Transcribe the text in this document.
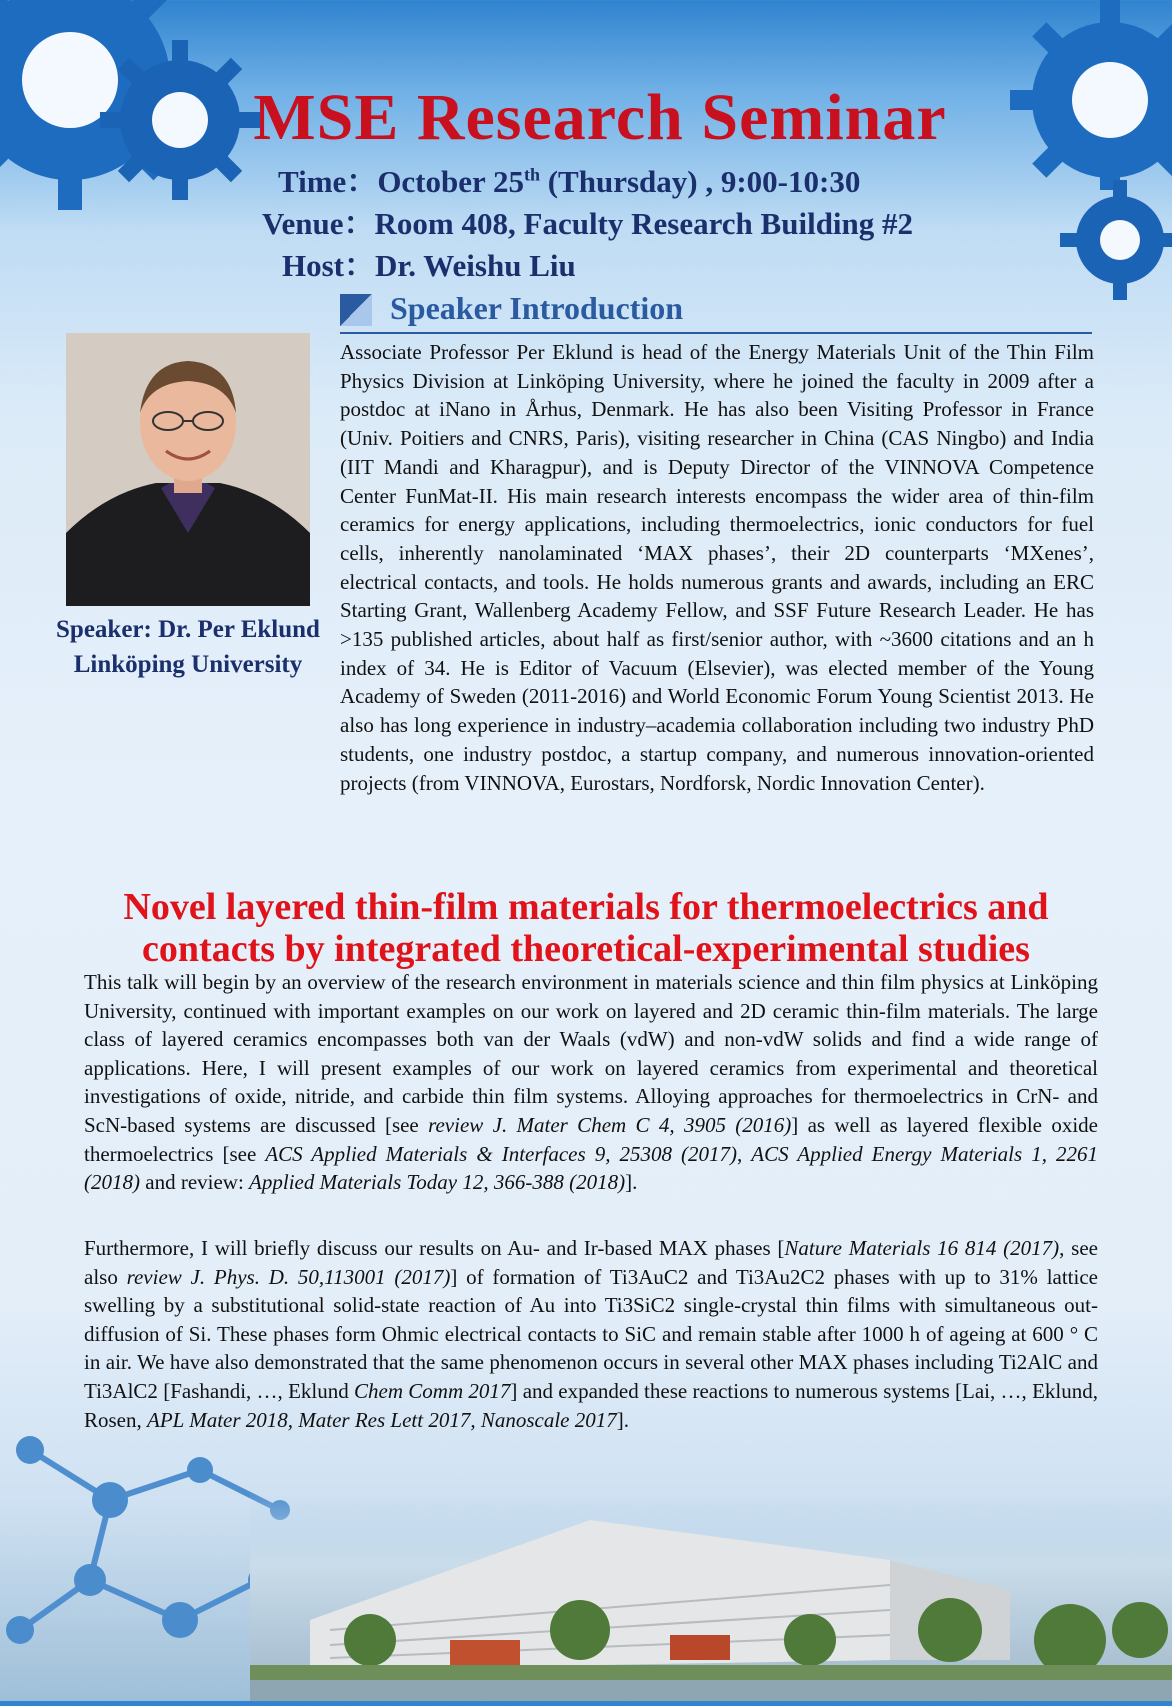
MSE Research Seminar
Time：October 25th (Thursday) , 9:00-10:30
Venue：Room 408, Faculty Research Building #2
Host：Dr. Weishu Liu
Speaker Introduction
Speaker: Dr. Per Eklund
Linköping University
Associate Professor Per Eklund is head of the Energy Materials Unit of the Thin Film Physics Division at Linköping University, where he joined the faculty in 2009 after a postdoc at iNano in Århus, Denmark. He has also been Visiting Professor in France (Univ. Poitiers and CNRS, Paris), visiting researcher in China (CAS Ningbo) and India (IIT Mandi and Kharagpur), and is Deputy Director of the VINNOVA Competence Center FunMat-II. His main research interests encompass the wider area of thin-film ceramics for energy applications, including thermoelectrics, ionic conductors for fuel cells, inherently nanolaminated ‘MAX phases’, their 2D counterparts ‘MXenes’, electrical contacts, and tools. He holds numerous grants and awards, including an ERC Starting Grant, Wallenberg Academy Fellow, and SSF Future Research Leader. He has >135 published articles, about half as first/senior author, with ~3600 citations and an h index of 34. He is Editor of Vacuum (Elsevier), was elected member of the Young Academy of Sweden (2011-2016) and World Economic Forum Young Scientist 2013. He also has long experience in industry–academia collaboration including two industry PhD students, one industry postdoc, a startup company, and numerous innovation-oriented projects (from VINNOVA, Eurostars, Nordforsk, Nordic Innovation Center).
Novel layered thin-film materials for thermoelectrics and
contacts by integrated theoretical-experimental studies

This talk will begin by an overview of the research environment in materials science and thin film physics at Linköping University, continued with important examples on our work on layered and 2D ceramic thin-film materials. The large class of layered ceramics encompasses both van der Waals (vdW) and non-vdW solids and find a wide range of applications. Here, I will present examples of our work on layered ceramics from experimental and theoretical investigations of oxide, nitride, and carbide thin film systems. Alloying approaches for thermoelectrics in CrN- and ScN-based systems are discussed [see review J. Mater Chem C 4, 3905 (2016)] as well as layered flexible oxide thermoelectrics [see ACS Applied Materials & Interfaces 9, 25308 (2017), ACS Applied Energy Materials 1, 2261 (2018) and review: Applied Materials Today 12, 366-388 (2018)].

Furthermore, I will briefly discuss our results on Au- and Ir-based MAX phases [Nature Materials 16 814 (2017), see also review J. Phys. D. 50,113001 (2017)] of formation of Ti3AuC2 and Ti3Au2C2 phases with up to 31% lattice swelling by a substitutional solid-state reaction of Au into Ti3SiC2 single-crystal thin films with simultaneous out-diffusion of Si. These phases form Ohmic electrical contacts to SiC and remain stable after 1000 h of ageing at 600 ° C in air. We have also demonstrated that the same phenomenon occurs in several other MAX phases including Ti2AlC and Ti3AlC2 [Fashandi, …, Eklund Chem Comm 2017] and expanded these reactions to numerous systems [Lai, …, Eklund, Rosen, APL Mater 2018, Mater Res Lett 2017, Nanoscale 2017].
